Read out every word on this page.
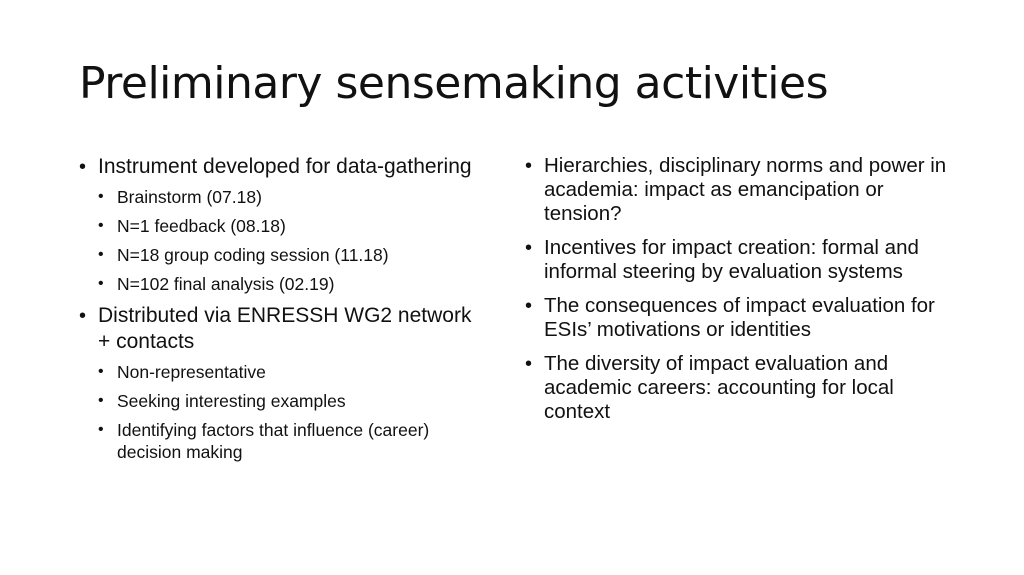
Preliminary sensemaking activities
• Instrument developed for data-gathering
• Brainstorm (07.18)
• N=1 feedback (08.18)
• N=18 group coding session (11.18)
• N=102 final analysis (02.19)
• Distributed via ENRESSH WG2 network + contacts
• Non-representative
• Seeking interesting examples
• Identifying factors that influence (career) decision making
• Hierarchies, disciplinary norms and power in academia: impact as emancipation or tension?
• Incentives for impact creation: formal and informal steering by evaluation systems
• The consequences of impact evaluation for ESIs’ motivations or identities
• The diversity of impact evaluation and academic careers: accounting for local context
